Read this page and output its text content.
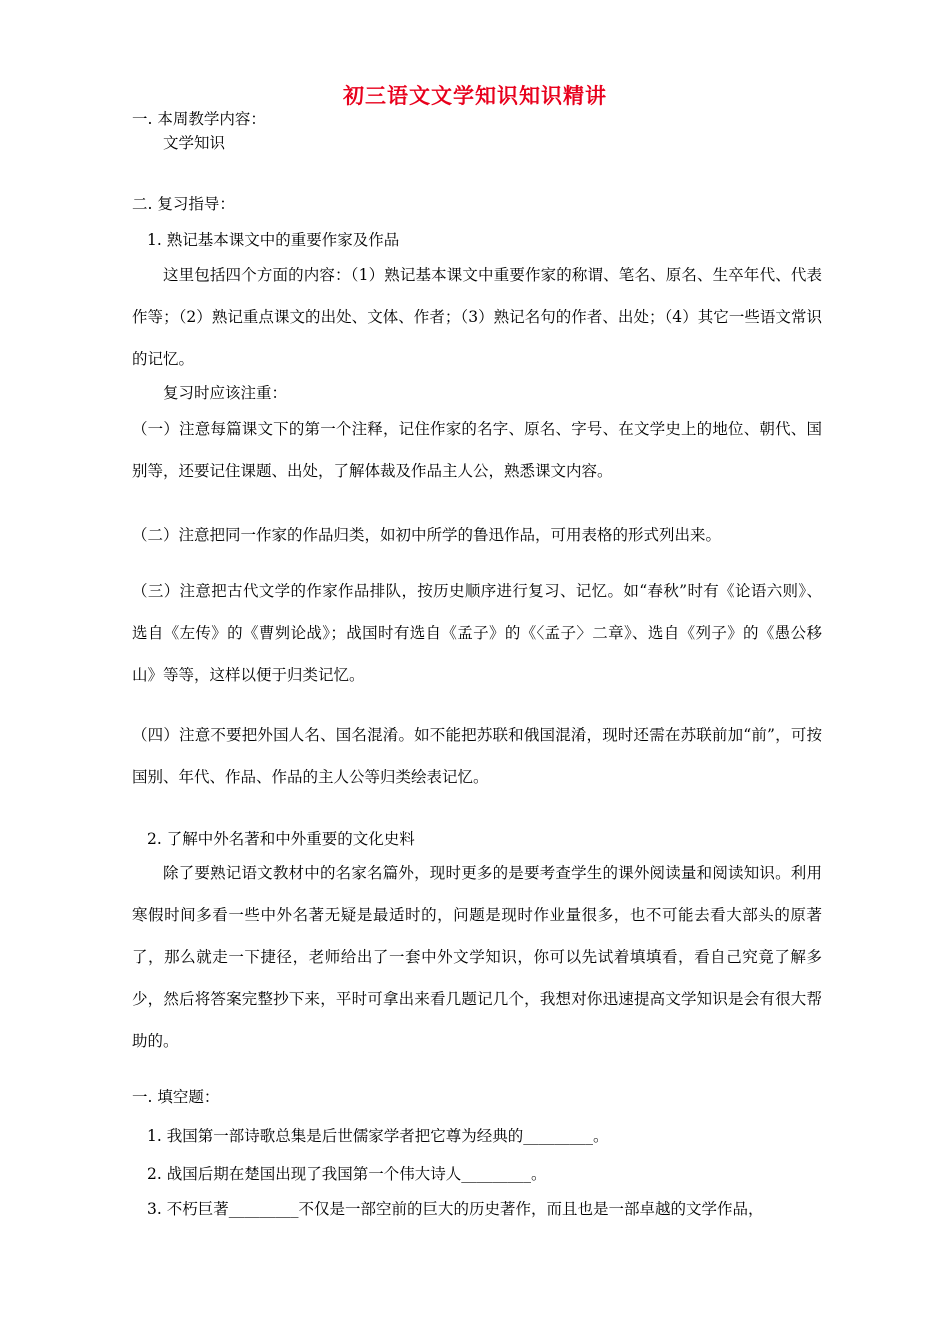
初三语文文学知识知识精讲
一. 本周教学内容：
文学知识
二. 复习指导：
1. 熟记基本课文中的重要作家及作品
这里包括四个方面的内容：（1）熟记基本课文中重要作家的称谓、笔名、原名、生卒年代、代表作等；（2）熟记重点课文的出处、文体、作者；（3）熟记名句的作者、出处；（4）其它一些语文常识的记忆。
复习时应该注重：
（一）注意每篇课文下的第一个注释，记住作家的名字、原名、字号、在文学史上的地位、朝代、国别等，还要记住课题、出处，了解体裁及作品主人公，熟悉课文内容。
（二）注意把同一作家的作品归类，如初中所学的鲁迅作品，可用表格的形式列出来。
（三）注意把古代文学的作家作品排队，按历史顺序进行复习、记忆。如“春秋”时有《论语六则》、选自《左传》的《曹刿论战》；战国时有选自《孟子》的《〈孟子〉二章》、选自《列子》的《愚公移山》等等，这样以便于归类记忆。
（四）注意不要把外国人名、国名混淆。如不能把苏联和俄国混淆，现时还需在苏联前加“前”，可按国别、年代、作品、作品的主人公等归类绘表记忆。
2. 了解中外名著和中外重要的文化史料
除了要熟记语文教材中的名家名篇外，现时更多的是要考查学生的课外阅读量和阅读知识。利用寒假时间多看一些中外名著无疑是最适时的，问题是现时作业量很多，也不可能去看大部头的原著了，那么就走一下捷径，老师给出了一套中外文学知识，你可以先试着填填看，看自己究竟了解多少，然后将答案完整抄下来，平时可拿出来看几题记几个，我想对你迅速提高文学知识是会有很大帮助的。
一. 填空题：
1. 我国第一部诗歌总集是后世儒家学者把它尊为经典的_________。
2. 战国后期在楚国出现了我国第一个伟大诗人_________。
3. 不朽巨著_________不仅是一部空前的巨大的历史著作，而且也是一部卓越的文学作品，
